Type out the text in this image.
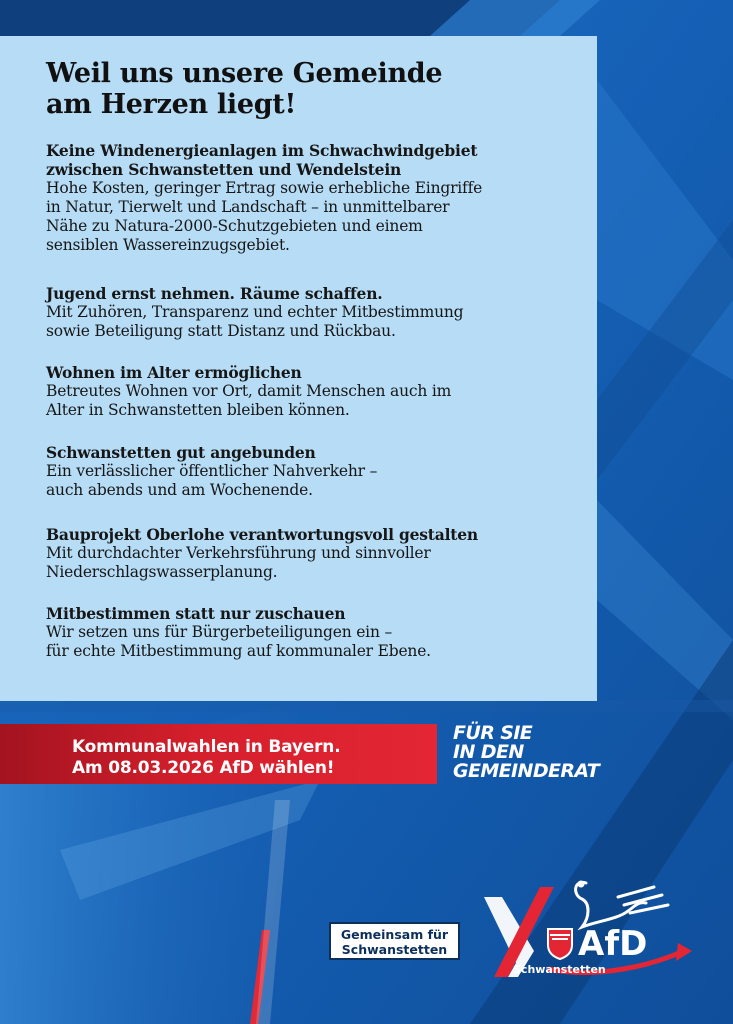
Weil uns unsere Gemeinde
am Herzen liegt!

Keine Windenergieanlagen im Schwachwindgebiet
zwischen Schwanstetten und Wendelstein

Hohe Kosten, geringer Ertrag sowie erhebliche Eingriffe
in Natur, Tierwelt und Landschaft – in unmittelbarer
Nähe zu Natura-2000-Schutzgebieten und einem
sensiblen Wassereinzugsgebiet.

Jugend ernst nehmen. Räume schaffen.

Mit Zuhören, Transparenz und echter Mitbestimmung
sowie Beteiligung statt Distanz und Rückbau.

Wohnen im Alter ermöglichen

Betreutes Wohnen vor Ort, damit Menschen auch im
Alter in Schwanstetten bleiben können.

Schwanstetten gut angebunden

Ein verlässlicher öffentlicher Nahverkehr –
auch abends und am Wochenende.

Bauprojekt Oberlohe verantwortungsvoll gestalten

Mit durchdachter Verkehrsführung und sinnvoller
Niederschlagswasserplanung.

Mitbestimmen statt nur zuschauen

Wir setzen uns für Bürgerbeteiligungen ein –
für echte Mitbestimmung auf kommunaler Ebene.

Kommunalwahlen in Bayern.
Am 08.03.2026 AfD wählen!
FÜR SIE
IN DEN
GEMEINDERAT
Gemeinsam für
Schwanstetten	AfD
Schwanstetten
